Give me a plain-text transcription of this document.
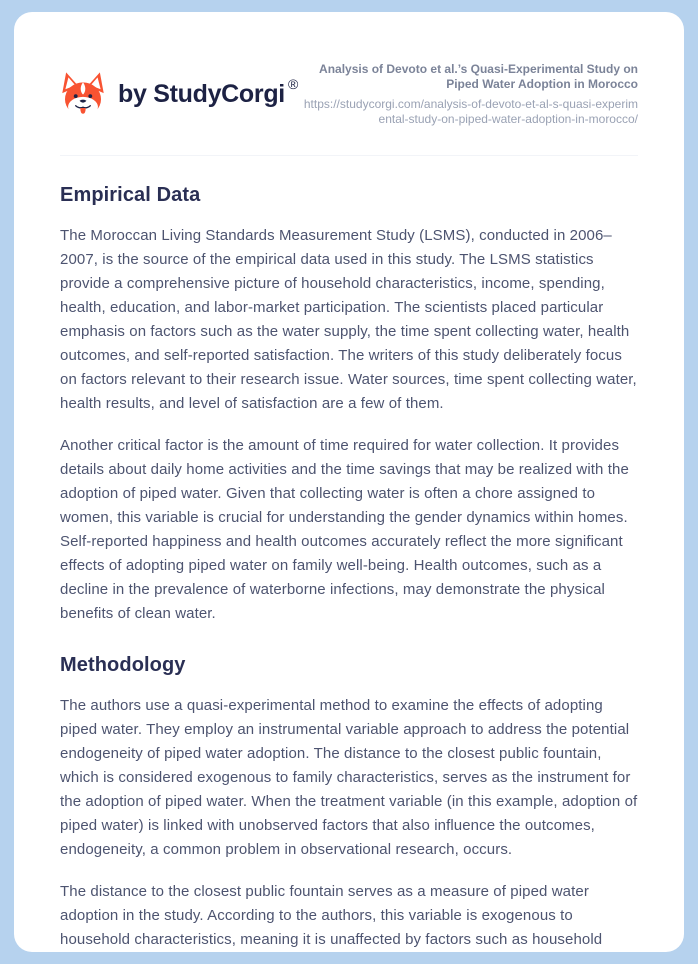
by StudyCorgi ®
Analysis of Devoto et al.’s Quasi-Experimental Study on Piped Water Adoption in Morocco
https://studycorgi.com/analysis-of-devoto-et-al-s-quasi-experimental-study-on-piped-water-adoption-in-morocco/
Empirical Data

The Moroccan Living Standards Measurement Study (LSMS), conducted in 2006–2007, is the source of the empirical data used in this study. The LSMS statistics provide a comprehensive picture of household characteristics, income, spending, health, education, and labor-market participation. The scientists placed particular emphasis on factors such as the water supply, the time spent collecting water, health outcomes, and self-reported satisfaction. The writers of this study deliberately focus on factors relevant to their research issue. Water sources, time spent collecting water, health results, and level of satisfaction are a few of them.

Another critical factor is the amount of time required for water collection. It provides details about daily home activities and the time savings that may be realized with the adoption of piped water. Given that collecting water is often a chore assigned to women, this variable is crucial for understanding the gender dynamics within homes. Self-reported happiness and health outcomes accurately reflect the more significant effects of adopting piped water on family well-being. Health outcomes, such as a decline in the prevalence of waterborne infections, may demonstrate the physical benefits of clean water.

Methodology

The authors use a quasi-experimental method to examine the effects of adopting piped water. They employ an instrumental variable approach to address the potential endogeneity of piped water adoption. The distance to the closest public fountain, which is considered exogenous to family characteristics, serves as the instrument for the adoption of piped water. When the treatment variable (in this example, adoption of piped water) is linked with unobserved factors that also influence the outcomes, endogeneity, a common problem in observational research, occurs.

The distance to the closest public fountain serves as a measure of piped water adoption in the study. According to the authors, this variable is exogenous to household characteristics, meaning it is unaffected by factors such as household
